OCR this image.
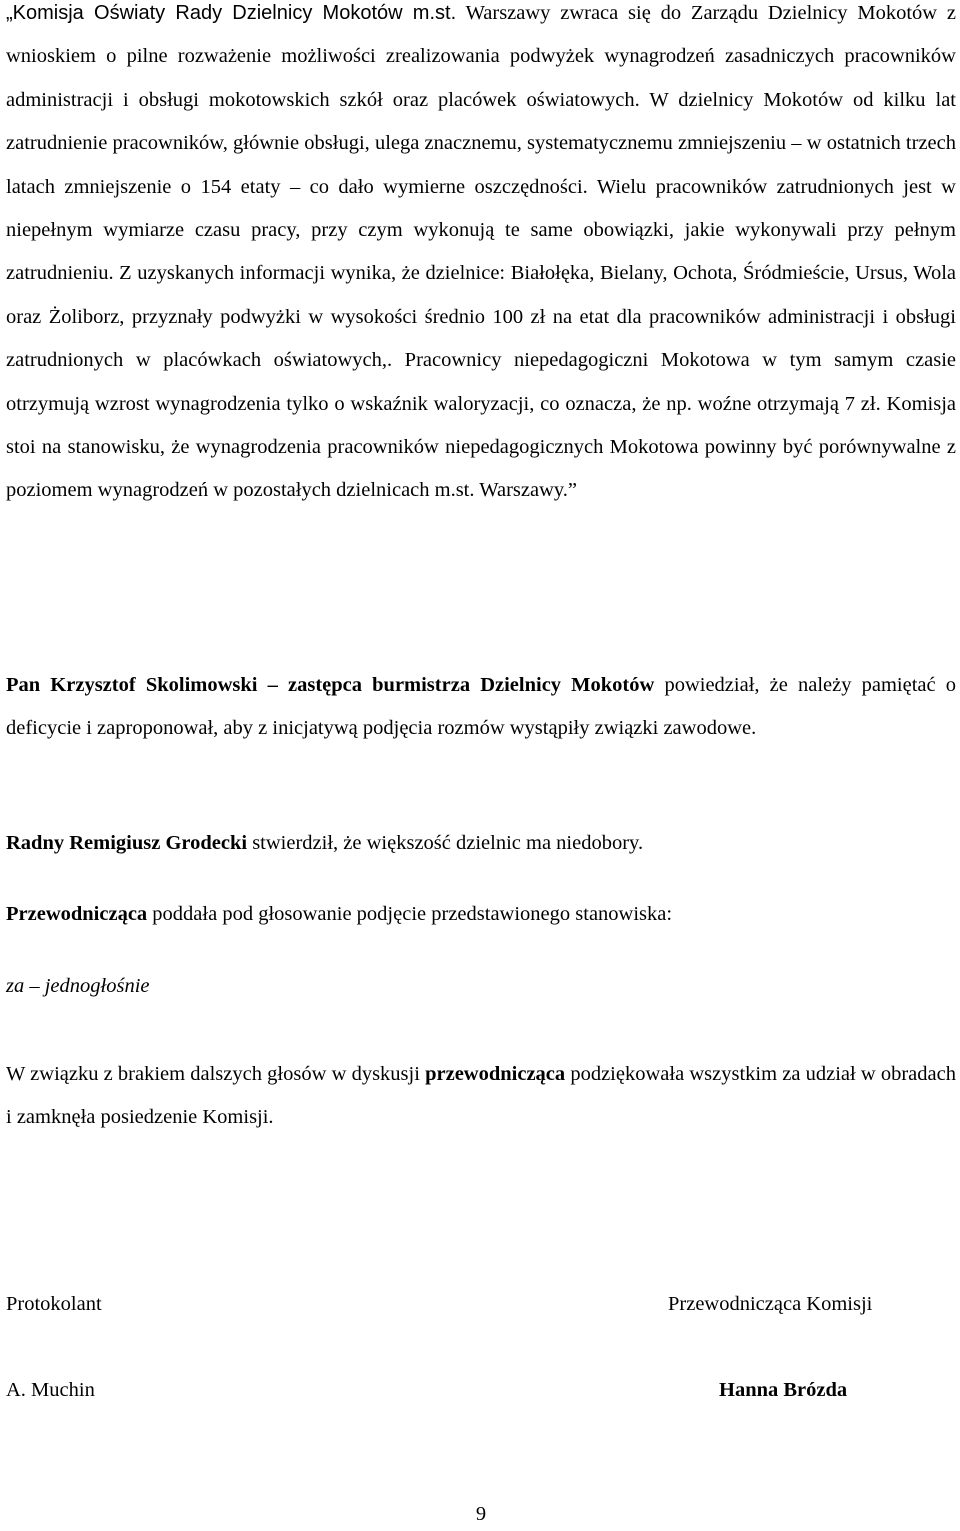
„Komisja Oświaty Rady Dzielnicy Mokotów m.st. Warszawy zwraca się do Zarządu Dzielnicy Mokotów z wnioskiem o pilne rozważenie możliwości zrealizowania podwyżek wynagrodzeń zasadniczych pracowników administracji i obsługi mokotowskich szkół oraz placówek oświatowych. W dzielnicy Mokotów od kilku lat zatrudnienie pracowników, głównie obsługi, ulega znacznemu, systematycznemu zmniejszeniu – w ostatnich trzech latach zmniejszenie o 154 etaty – co dało wymierne oszczędności. Wielu pracowników zatrudnionych jest w niepełnym wymiarze czasu pracy, przy czym wykonują te same obowiązki, jakie wykonywali przy pełnym zatrudnieniu. Z uzyskanych informacji wynika, że dzielnice: Białołęka, Bielany, Ochota, Śródmieście, Ursus, Wola oraz Żoliborz, przyznały podwyżki w wysokości średnio 100 zł na etat dla pracowników administracji i obsługi zatrudnionych w placówkach oświatowych,. Pracownicy niepedagogiczni Mokotowa w tym samym czasie otrzymują wzrost wynagrodzenia tylko o wskaźnik waloryzacji, co oznacza, że np. woźne otrzymają 7 zł. Komisja stoi na stanowisku, że wynagrodzenia pracowników niepedagogicznych Mokotowa powinny być porównywalne z poziomem wynagrodzeń w pozostałych dzielnicach m.st. Warszawy.”

Pan Krzysztof Skolimowski – zastępca burmistrza Dzielnicy Mokotów powiedział, że należy pamiętać o deficycie i zaproponował, aby z inicjatywą podjęcia rozmów wystąpiły związki zawodowe.

Radny Remigiusz Grodecki stwierdził, że większość dzielnic ma niedobory.

Przewodnicząca poddała pod głosowanie podjęcie przedstawionego stanowiska:

za – jednogłośnie

W związku z brakiem dalszych głosów w dyskusji przewodnicząca podziękowała wszystkim za udział w obradach i zamknęła posiedzenie Komisji.

Protokolant	Przewodnicząca Komisji
A. Muchin	Hanna Brózda
9
